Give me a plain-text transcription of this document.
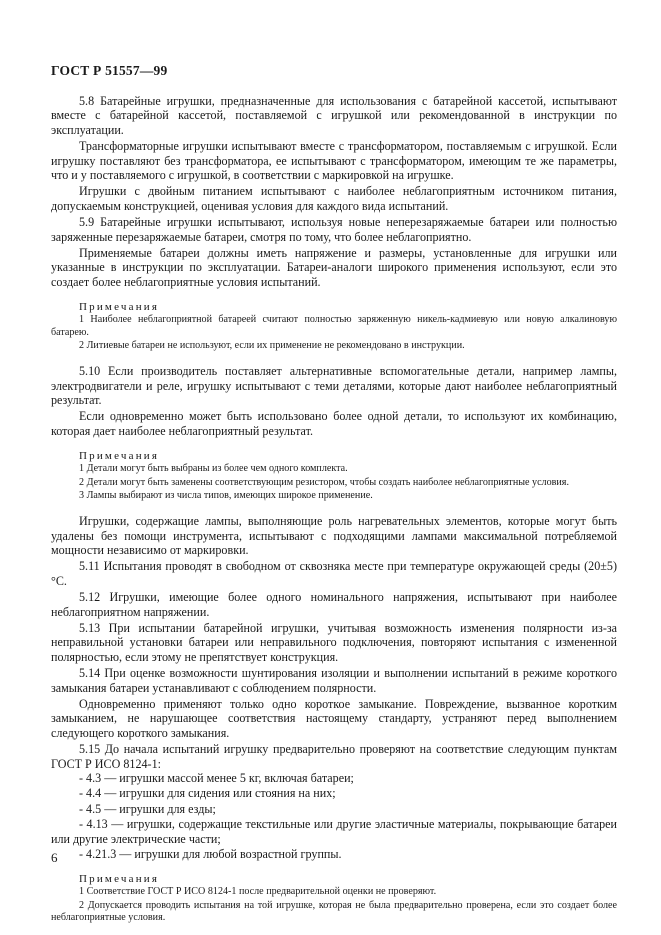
ГОСТ Р 51557—99

5.8 Батарейные игрушки, предназначенные для использования с батарейной кассетой, испытывают вместе с батарейной кассетой, поставляемой с игрушкой или рекомендованной в инструкции по эксплуатации.

Трансформаторные игрушки испытывают вместе с трансформатором, поставляемым с игрушкой. Если игрушку поставляют без трансформатора, ее испытывают с трансформатором, имеющим те же параметры, что и у поставляемого с игрушкой, в соответствии с маркировкой на игрушке.

Игрушки с двойным питанием испытывают с наиболее неблагоприятным источником питания, допускаемым конструкцией, оценивая условия для каждого вида испытаний.

5.9 Батарейные игрушки испытывают, используя новые неперезаряжаемые батареи или полностью заряженные перезаряжаемые батареи, смотря по тому, что более неблагоприятно.

Применяемые батареи должны иметь напряжение и размеры, установленные для игрушки или указанные в инструкции по эксплуатации. Батареи-аналоги широкого применения используют, если это создает более неблагоприятные условия испытаний.

Примечания

1 Наиболее неблагоприятной батареей считают полностью заряженную никель-кадмиевую или новую алкалиновую батарею.

2 Литиевые батареи не используют, если их применение не рекомендовано в инструкции.

5.10 Если производитель поставляет альтернативные вспомогательные детали, например лампы, электродвигатели и реле, игрушку испытывают с теми деталями, которые дают наиболее неблагоприятный результат.

Если одновременно может быть использовано более одной детали, то используют их комбинацию, которая дает наиболее неблагоприятный результат.

Примечания

1 Детали могут быть выбраны из более чем одного комплекта.

2 Детали могут быть заменены соответствующим резистором, чтобы создать наиболее неблагоприятные условия.

3 Лампы выбирают из числа типов, имеющих широкое применение.

Игрушки, содержащие лампы, выполняющие роль нагревательных элементов, которые могут быть удалены без помощи инструмента, испытывают с подходящими лампами максимальной потребляемой мощности независимо от маркировки.

5.11 Испытания проводят в свободном от сквозняка месте при температуре окружающей среды (20±5) °С.

5.12 Игрушки, имеющие более одного номинального напряжения, испытывают при наиболее неблагоприятном напряжении.

5.13 При испытании батарейной игрушки, учитывая возможность изменения полярности из-за неправильной установки батареи или неправильного подключения, повторяют испытания с измененной полярностью, если этому не препятствует конструкция.

5.14 При оценке возможности шунтирования изоляции и выполнении испытаний в режиме короткого замыкания батареи устанавливают с соблюдением полярности.

Одновременно применяют только одно короткое замыкание. Повреждение, вызванное коротким замыканием, не нарушающее соответствия настоящему стандарту, устраняют перед выполнением следующего короткого замыкания.

5.15 До начала испытаний игрушку предварительно проверяют на соответствие следующим пунктам ГОСТ Р ИСО 8124-1:

- 4.3 — игрушки массой менее 5 кг, включая батареи;

- 4.4 — игрушки для сидения или стояния на них;

- 4.5 — игрушки для езды;

- 4.13 — игрушки, содержащие текстильные или другие эластичные материалы, покрывающие батареи или другие электрические части;

- 4.21.3 — игрушки для любой возрастной группы.

Примечания

1 Соответствие ГОСТ Р ИСО 8124-1 после предварительной оценки не проверяют.

2 Допускается проводить испытания на той игрушке, которая не была предварительно проверена, если это создает более неблагоприятные условия.

6
